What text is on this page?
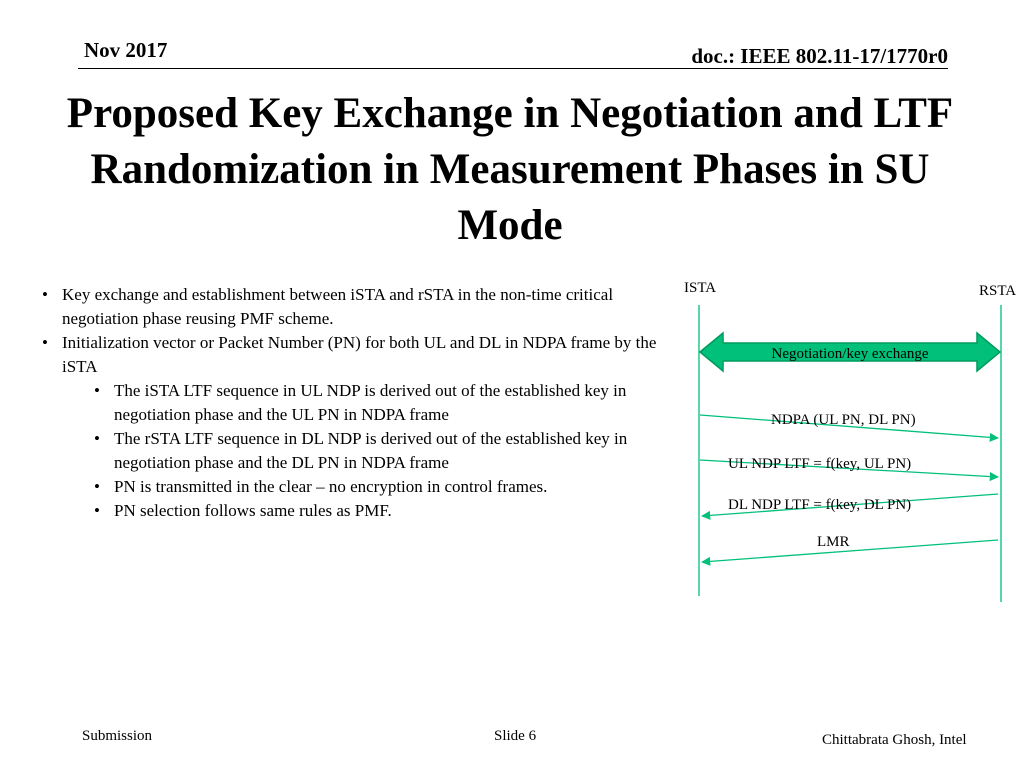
Nov 2017	doc.: IEEE 802.11-17/1770r0
Proposed Key Exchange in Negotiation and LTF Randomization in Measurement Phases in SU Mode
• Key exchange and establishment between iSTA and rSTA in the non-time critical negotiation phase reusing PMF scheme.
• Initialization vector or Packet Number (PN) for both UL and DL in NDPA frame by the iSTA
• The iSTA LTF sequence in UL NDP is derived out of the established key in negotiation phase and the UL PN in NDPA frame
• The rSTA LTF sequence in DL NDP is derived out of the established key in negotiation phase and the DL PN in NDPA frame
• PN is transmitted in the clear – no encryption in control frames.
• PN selection follows same rules as PMF.
ISTA	RSTA
Negotiation/key exchange
NDPA (UL PN, DL PN)
UL NDP LTF = f(key, UL PN)
DL NDP LTF = f(key, DL PN)
LMR
Submission	Slide 6	Chittabrata Ghosh, Intel
